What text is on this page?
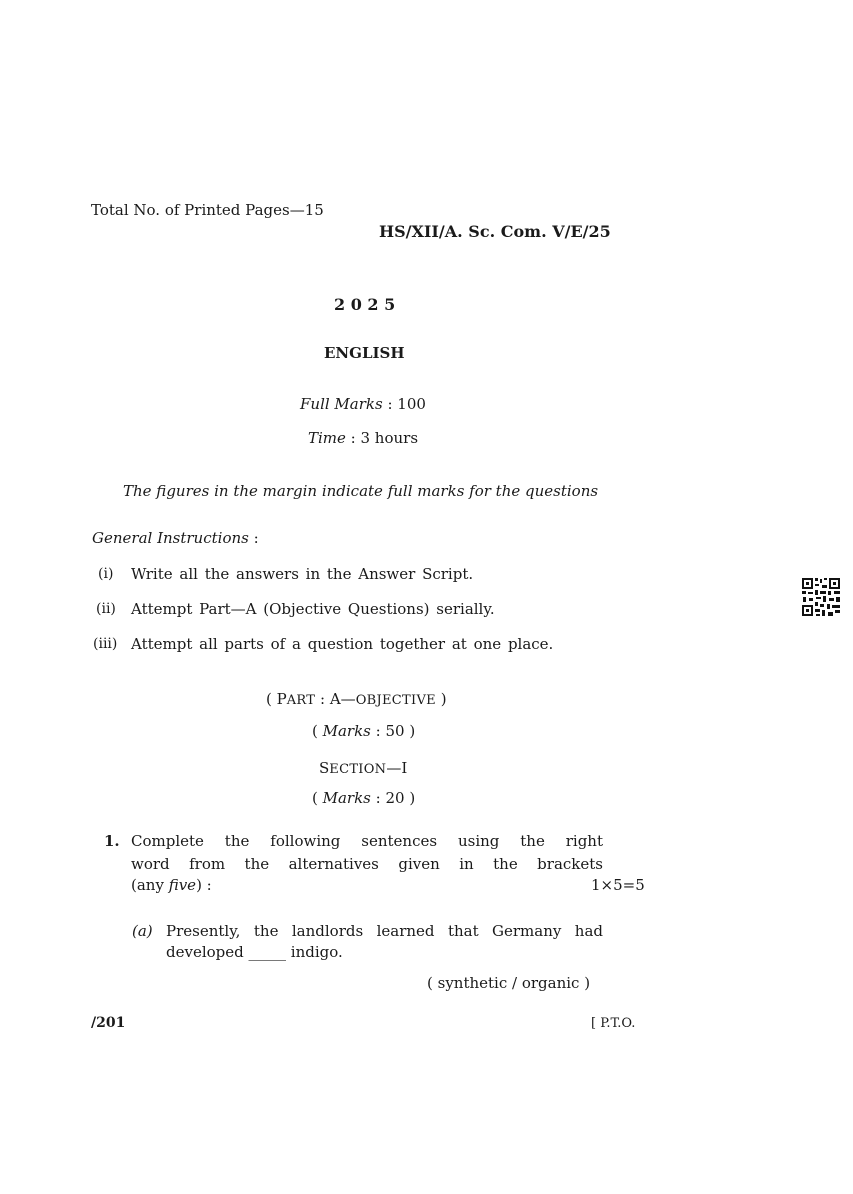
Total No. of Printed Pages—15
HS/XII/A. Sc. Com. V/E/25
2 0 2 5
ENGLISH
Full Marks : 100
Time : 3 hours
The figures in the margin indicate full marks for the questions
General Instructions :
(i) Write all the answers in the Answer Script.
(ii) Attempt Part—A (Objective Questions) serially.
(iii) Attempt all parts of a question together at one place.
( PART : A—OBJECTIVE )
( Marks : 50 )
SECTION—I
( Marks : 20 )
1. Complete the following sentences using the right
word from the alternatives given in the brackets
(any five) :	1×5=5
(a) Presently, the landlords learned that Germany had
developed _____ indigo.
( synthetic / organic )
/201	[ P.T.O.
